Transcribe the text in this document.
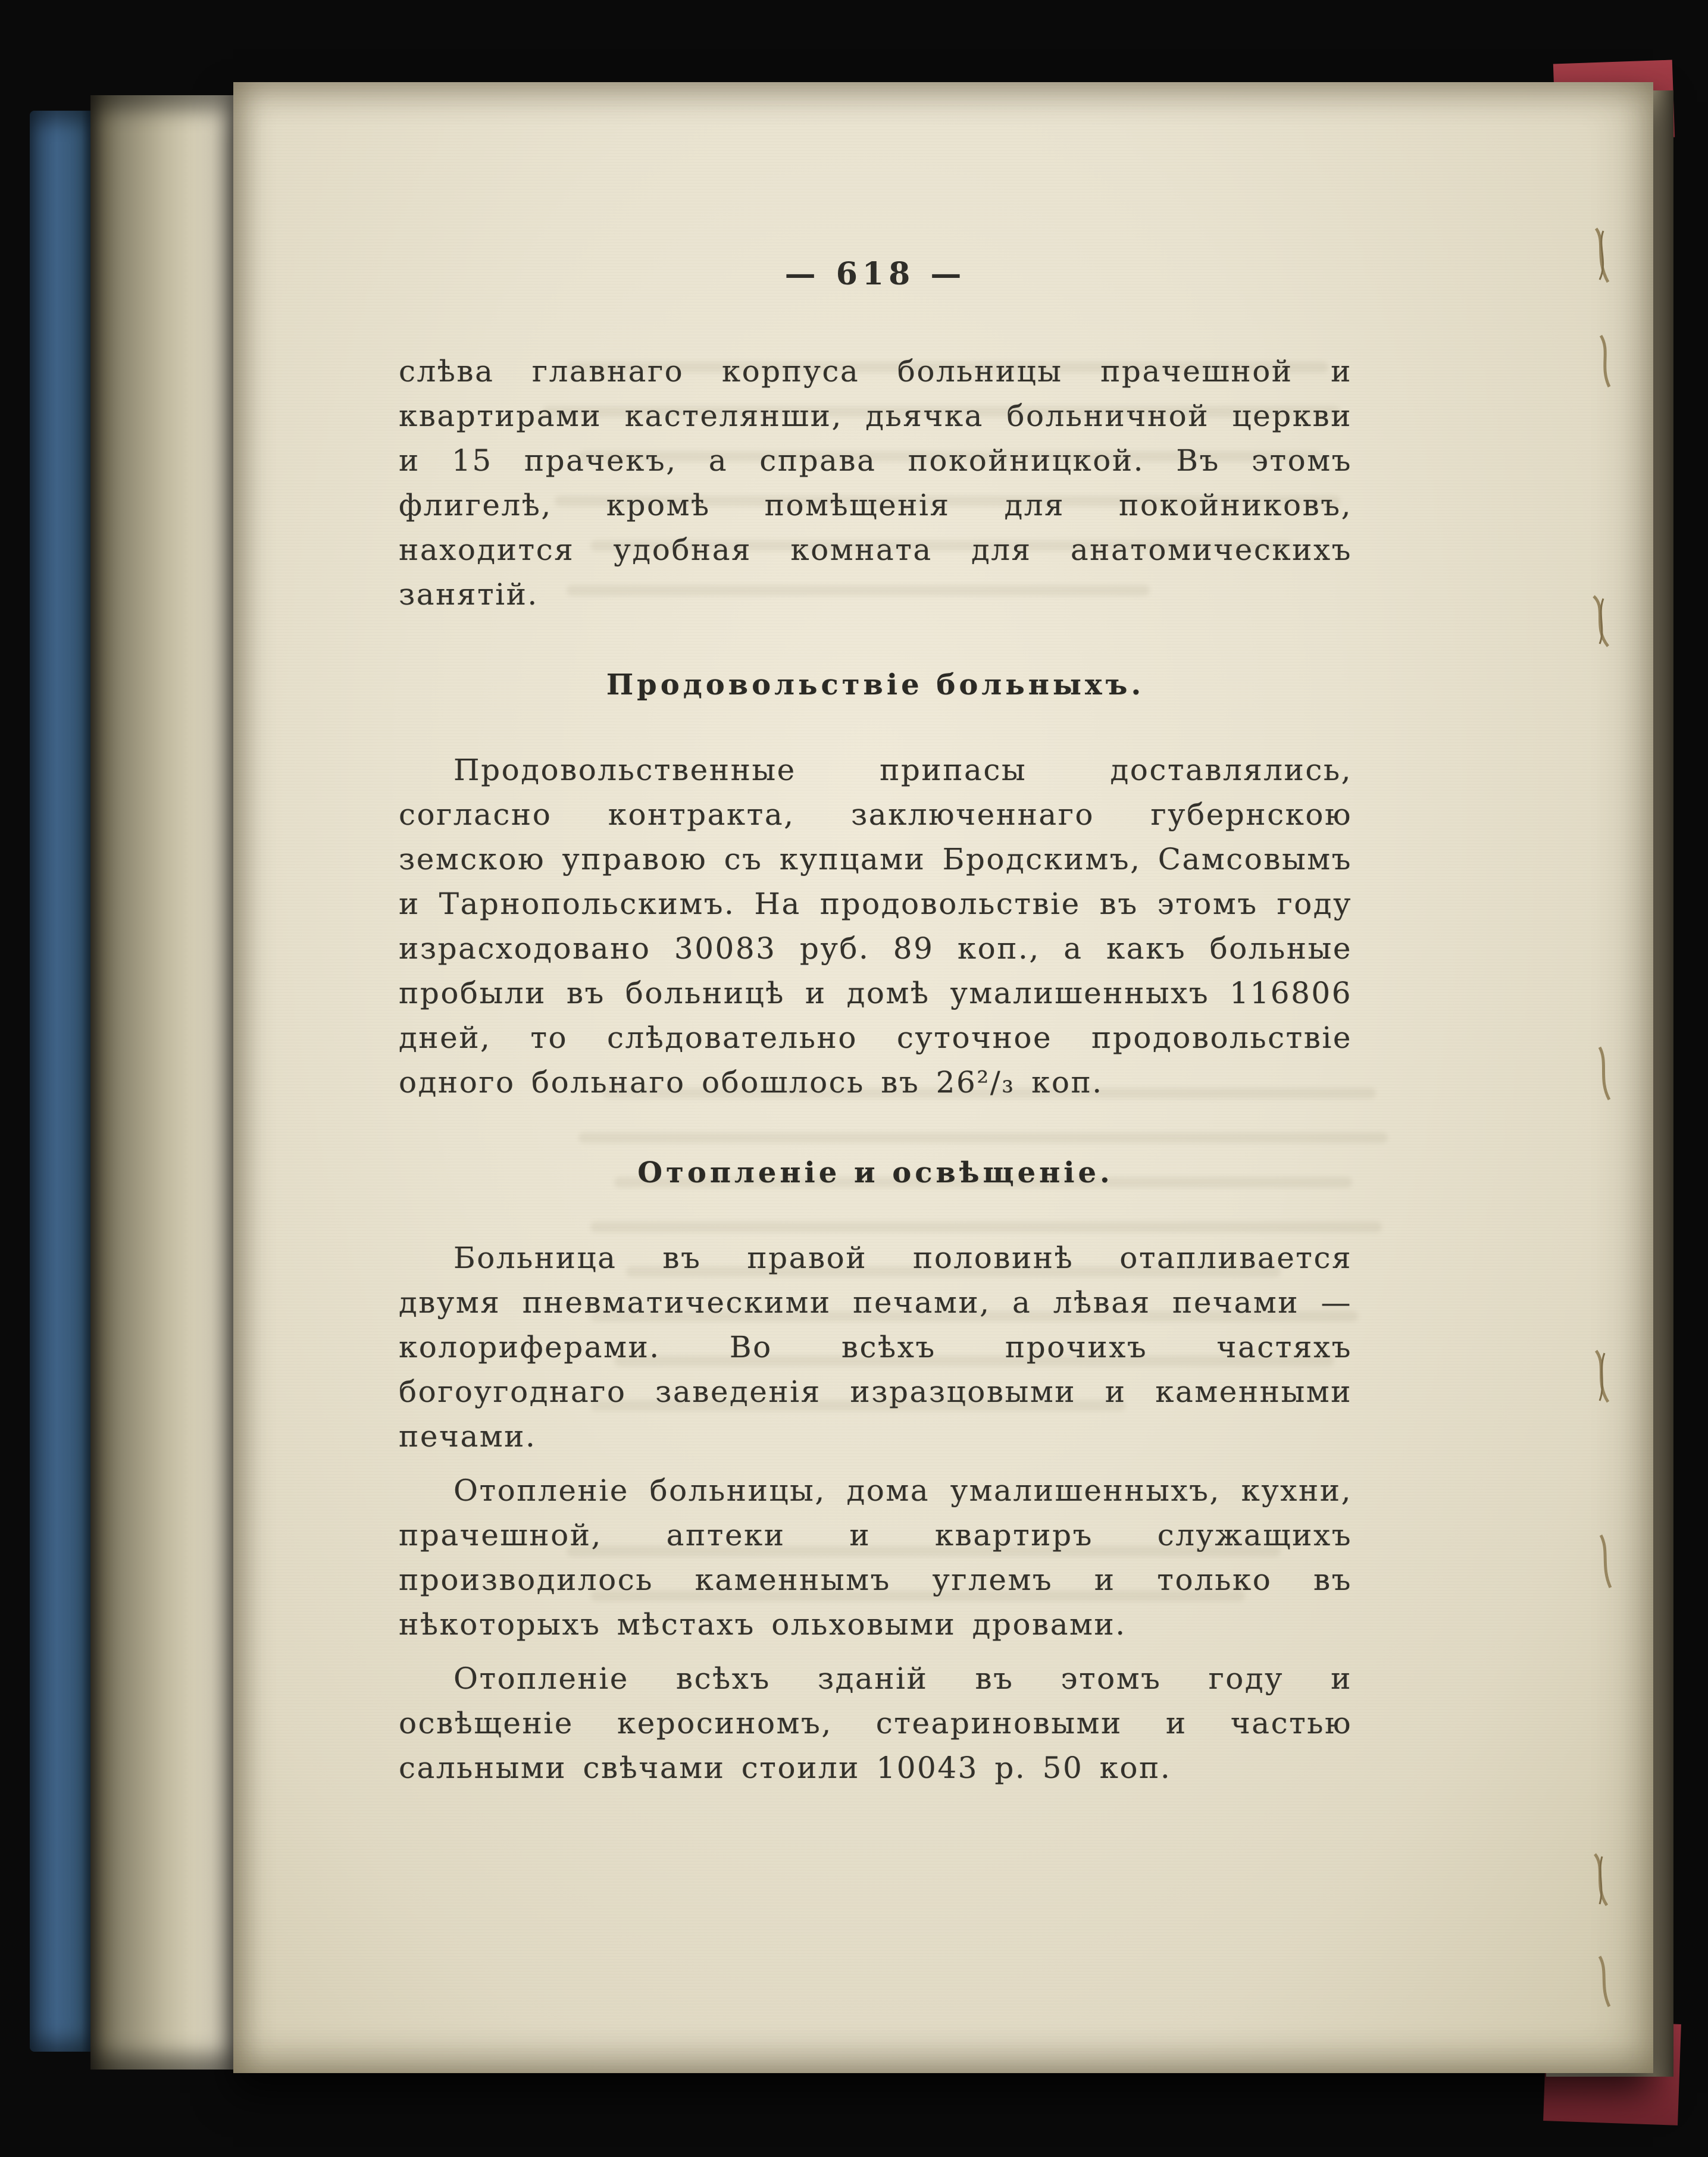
— 618 —

слѣва главнаго корпуса больницы прачешной и квартирами кастелянши, дьячка больничной церкви и 15 прачекъ, а справа покойницкой. Въ этомъ флигелѣ, кромѣ помѣщенія для покойниковъ, находится удобная комната для анатомическихъ занятій.

Продовольствіе больныхъ.

Продовольственные припасы доставлялись, согласно контракта, заключеннаго губернскою земскою управою съ купцами Бродскимъ, Самсовымъ и Тарнопольскимъ. На продовольствіе въ этомъ году израсходовано 30083 руб. 89 коп., а какъ больные пробыли въ больницѣ и домѣ умалишенныхъ 116806 дней, то слѣдовательно суточное продовольствіе одного больнаго обошлось въ 26²/₃ коп.

Отопленіе и освѣщеніе.

Больница въ правой половинѣ отапливается двумя пневматическими печами, а лѣвая печами — колориферами. Во всѣхъ прочихъ частяхъ богоугоднаго заведенія изразцовыми и каменными печами.

Отопленіе больницы, дома умалишенныхъ, кухни, прачешной, аптеки и квартиръ служащихъ производилось каменнымъ углемъ и только въ нѣкоторыхъ мѣстахъ ольховыми дровами.

Отопленіе всѣхъ зданій въ этомъ году и освѣщеніе керосиномъ, стеариновыми и частью сальными свѣчами стоили 10043 р. 50 коп.
